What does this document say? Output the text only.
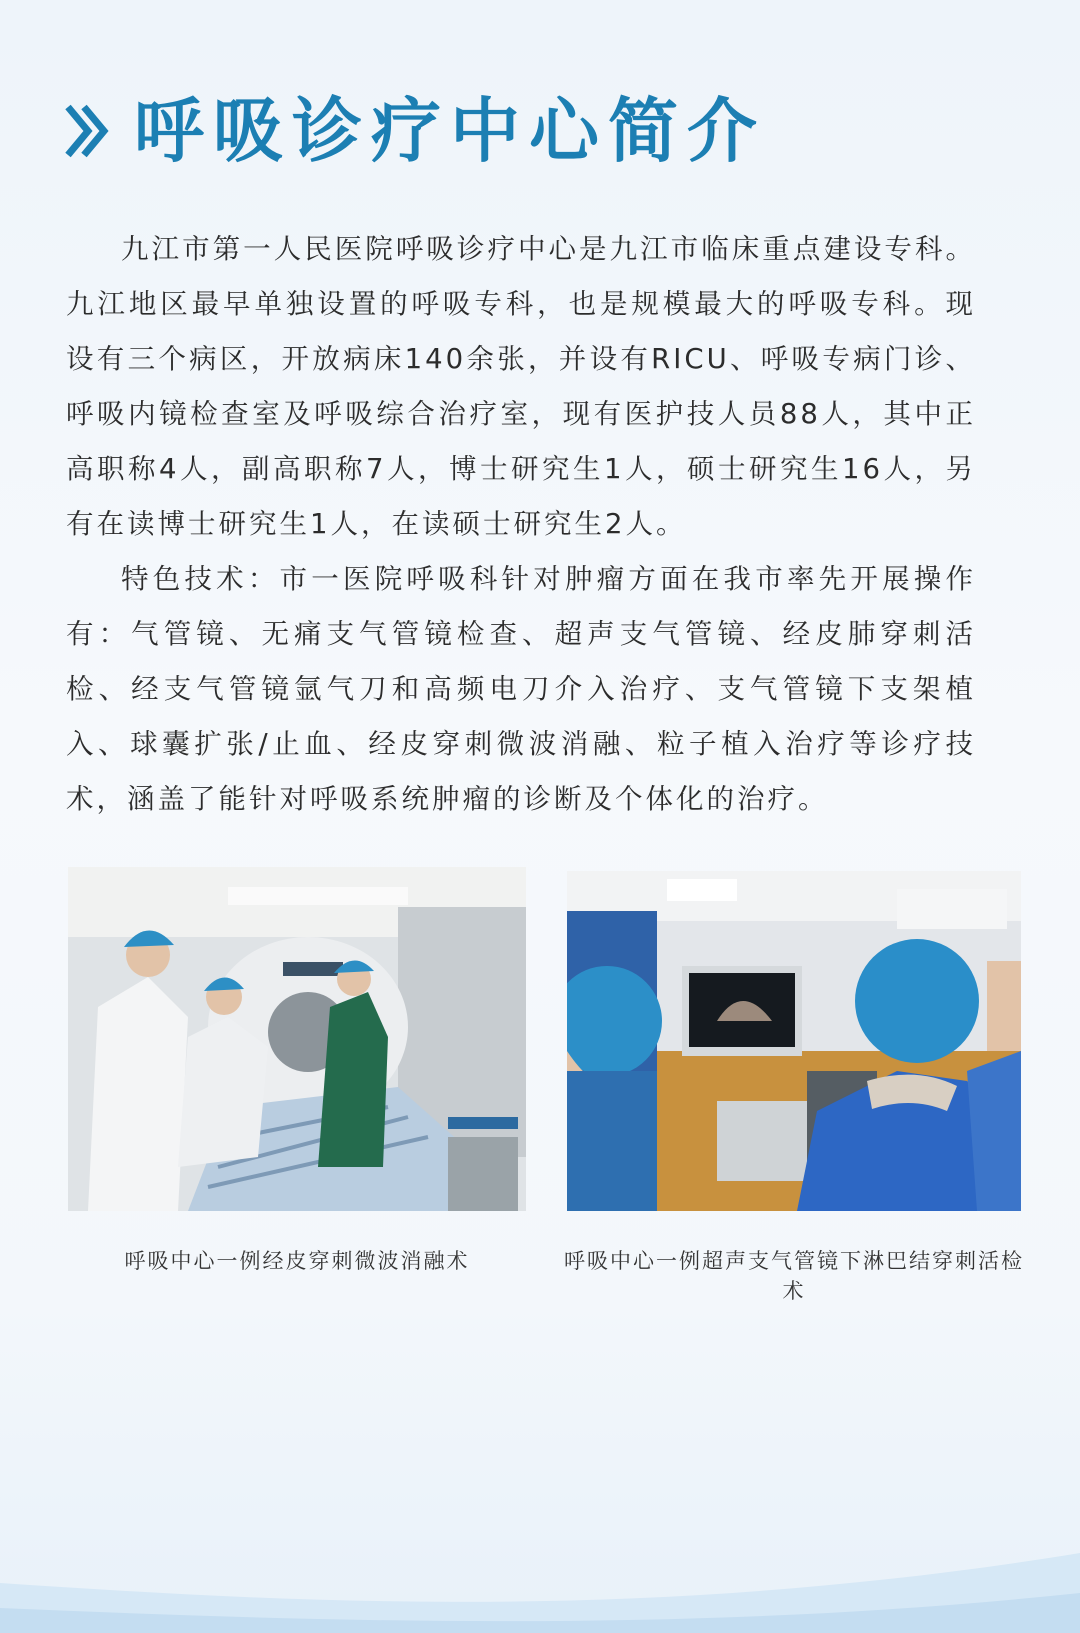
呼吸诊疗中心简介

九江市第一人民医院呼吸诊疗中心是九江市临床重点建设专科。九江地区最早单独设置的呼吸专科，也是规模最大的呼吸专科。现设有三个病区，开放病床140余张，并设有RICU、呼吸专病门诊、呼吸内镜检查室及呼吸综合治疗室，现有医护技人员88人，其中正高职称4人，副高职称7人，博士研究生1人，硕士研究生16人，另有在读博士研究生1人，在读硕士研究生2人。

特色技术：市一医院呼吸科针对肿瘤方面在我市率先开展操作有：气管镜、无痛支气管镜检查、超声支气管镜、经皮肺穿刺活检、经支气管镜氩气刀和高频电刀介入治疗、支气管镜下支架植入、球囊扩张/止血、经皮穿刺微波消融、粒子植入治疗等诊疗技术，涵盖了能针对呼吸系统肿瘤的诊断及个体化的治疗。

呼吸中心一例经皮穿刺微波消融术	呼吸中心一例超声支气管镜下淋巴结穿刺活检术
